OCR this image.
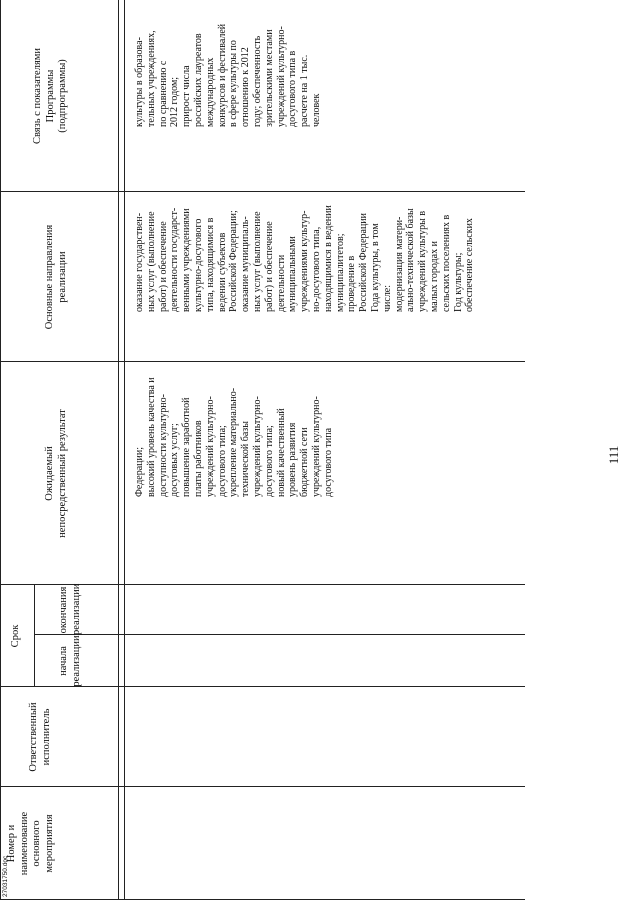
Номер и
наименование
основного
мероприятия
Ответственный
исполнитель
Срок
начала
реализации
окончания
реализации
Ожидаемый
непосредственный результат
Основные направления
реализации
Связь с показателями
Программы
(подпрограммы)
Федерации;
высокий уровень качества и
доступности культурно-
досуговых услуг;
повышение заработной
платы работников
учреждений культурно-
досугового типа;
укрепление материально-
технической базы
учреждений культурно-
досугового типа;
новый качественный
уровень развития
бюджетной сети
учреждений культурно-
досугового типа
оказание государствен-
ных услуг (выполнение
работ) и обеспечение
деятельности государст-
венными учреждениями
культурно-досугового
типа, находящимися в
ведении субъектов
Российской Федерации;
оказание муниципаль-
ных услуг (выполнение
работ) и обеспечение
деятельности
муниципальными
учреждениями культур-
но-досугового типа,
находящимися в ведении
муниципалитетов;
проведение в
Российской Федерации
Года культуры, в том
числе:
модернизация матери-
ально-технической базы
учреждений культуры в
малых городах и
сельских поселениях в
Год культуры;
обеспечение сельских
культуры в образова-
тельных учреждениях,
по сравнению с
2012 годом;
прирост числа
российских лауреатов
международных
конкурсов и фестивалей
в сфере культуры по
отношению к 2012
году; обеспеченность
зрительскими местами
учреждений культурно-
досугового типа в
расчете на 1 тыс.
человек
111
27031750.doc
